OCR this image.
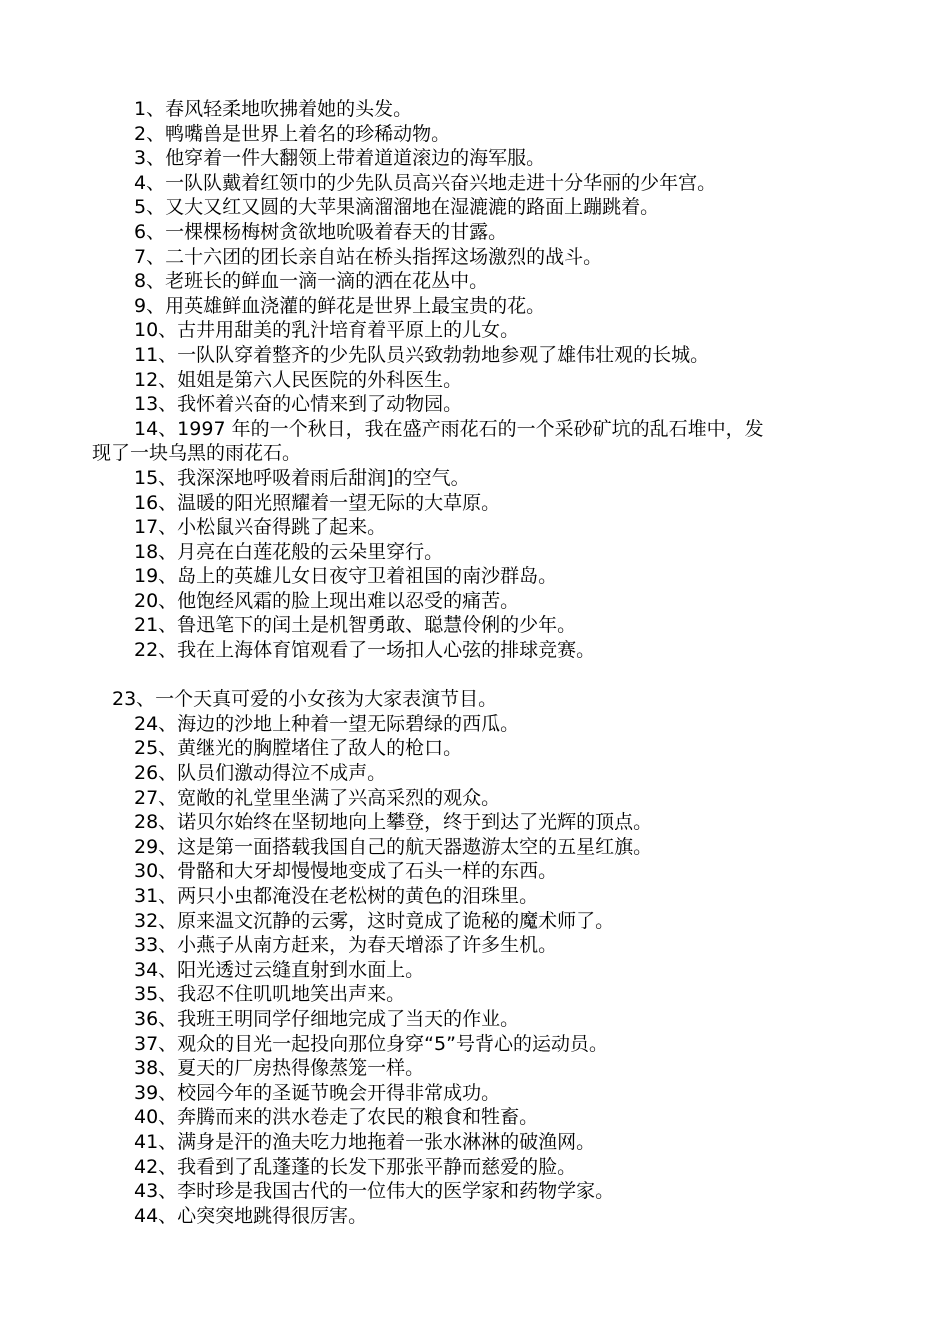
1、春风轻柔地吹拂着她的头发。
2、鸭嘴兽是世界上着名的珍稀动物。
3、他穿着一件大翻领上带着道道滚边的海军服。
4、一队队戴着红领巾的少先队员高兴奋兴地走进十分华丽的少年宫。
5、又大又红又圆的大苹果滴溜溜地在湿漉漉的路面上蹦跳着。
6、一棵棵杨梅树贪欲地吮吸着春天的甘露。
7、二十六团的团长亲自站在桥头指挥这场激烈的战斗。
8、老班长的鲜血一滴一滴的洒在花丛中。
9、用英雄鲜血浇灌的鲜花是世界上最宝贵的花。
10、古井用甜美的乳汁培育着平原上的儿女。
11、一队队穿着整齐的少先队员兴致勃勃地参观了雄伟壮观的长城。
12、姐姐是第六人民医院的外科医生。
13、我怀着兴奋的心情来到了动物园。
14、1997 年的一个秋日，我在盛产雨花石的一个采砂矿坑的乱石堆中，发
现了一块乌黑的雨花石。
15、我深深地呼吸着雨后甜润]的空气。
16、温暖的阳光照耀着一望无际的大草原。
17、小松鼠兴奋得跳了起来。
18、月亮在白莲花般的云朵里穿行。
19、岛上的英雄儿女日夜守卫着祖国的南沙群岛。
20、他饱经风霜的脸上现出难以忍受的痛苦。
21、鲁迅笔下的闰土是机智勇敢、聪慧伶俐的少年。
22、我在上海体育馆观看了一场扣人心弦的排球竞赛。
23、一个天真可爱的小女孩为大家表演节目。
24、海边的沙地上种着一望无际碧绿的西瓜。
25、黄继光的胸膛堵住了敌人的枪口。
26、队员们激动得泣不成声。
27、宽敞的礼堂里坐满了兴高采烈的观众。
28、诺贝尔始终在坚韧地向上攀登，终于到达了光辉的顶点。
29、这是第一面搭载我国自己的航天器遨游太空的五星红旗。
30、骨骼和大牙却慢慢地变成了石头一样的东西。
31、两只小虫都淹没在老松树的黄色的泪珠里。
32、原来温文沉静的云雾，这时竟成了诡秘的魔术师了。
33、小燕子从南方赶来，为春天增添了许多生机。
34、阳光透过云缝直射到水面上。
35、我忍不住叽叽地笑出声来。
36、我班王明同学仔细地完成了当天的作业。
37、观众的目光一起投向那位身穿“5”号背心的运动员。
38、夏天的厂房热得像蒸笼一样。
39、校园今年的圣诞节晚会开得非常成功。
40、奔腾而来的洪水卷走了农民的粮食和牲畜。
41、满身是汗的渔夫吃力地拖着一张水淋淋的破渔网。
42、我看到了乱蓬蓬的长发下那张平静而慈爱的脸。
43、李时珍是我国古代的一位伟大的医学家和药物学家。
44、心突突地跳得很厉害。
